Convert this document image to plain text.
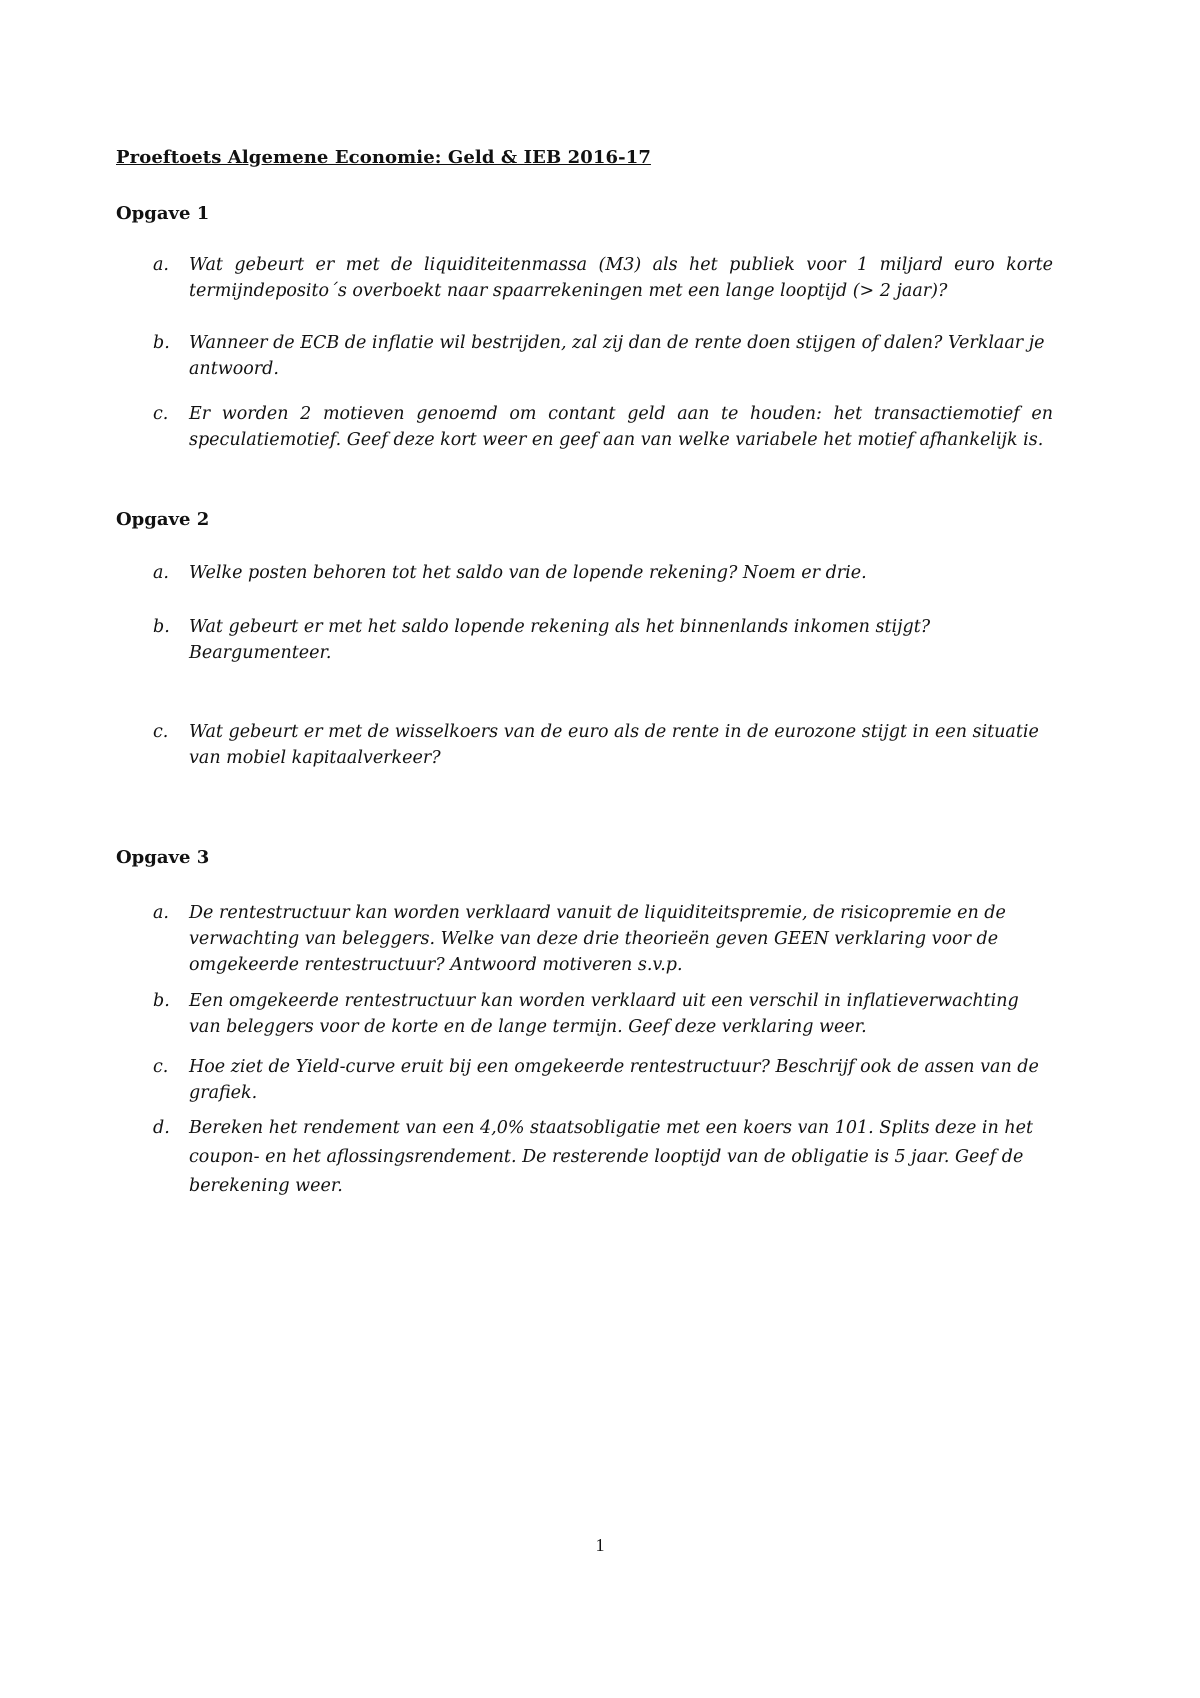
Proeftoets Algemene Economie: Geld & IEB 2016-17
Opgave 1
a.	Wat gebeurt er met de liquiditeitenmassa (M3) als het publiek voor 1 miljard euro korte termijndeposito´s overboekt naar spaarrekeningen met een lange looptijd (> 2 jaar)?
b.	Wanneer de ECB de inflatie wil bestrijden, zal zij dan de rente doen stijgen of dalen? Verklaar je antwoord.
c.	Er worden 2 motieven genoemd om contant geld aan te houden: het transactiemotief en speculatiemotief. Geef deze kort weer en geef aan van welke variabele het motief afhankelijk is.
Opgave 2
a.	Welke posten behoren tot het saldo van de lopende rekening? Noem er drie.
b.	Wat gebeurt er met het saldo lopende rekening als het binnenlands inkomen stijgt? Beargumenteer.
c.	Wat gebeurt er met de wisselkoers van de euro als de rente in de eurozone stijgt in een situatie van mobiel kapitaalverkeer?
Opgave 3
a.	De rentestructuur kan worden verklaard vanuit de liquiditeitspremie, de risicopremie en de verwachting van beleggers. Welke van deze drie theorieën geven GEEN verklaring voor de omgekeerde rentestructuur? Antwoord motiveren s.v.p.
b.	Een omgekeerde rentestructuur kan worden verklaard uit een verschil in inflatieverwachting van beleggers voor de korte en de lange termijn. Geef deze verklaring weer.
c.	Hoe ziet de Yield-curve eruit bij een omgekeerde rentestructuur? Beschrijf ook de assen van de grafiek.
d.	Bereken het rendement van een 4,0% staatsobligatie met een koers van 101. Splits deze in het coupon- en het aflossingsrendement. De resterende looptijd van de obligatie is 5 jaar. Geef de berekening weer.
1
